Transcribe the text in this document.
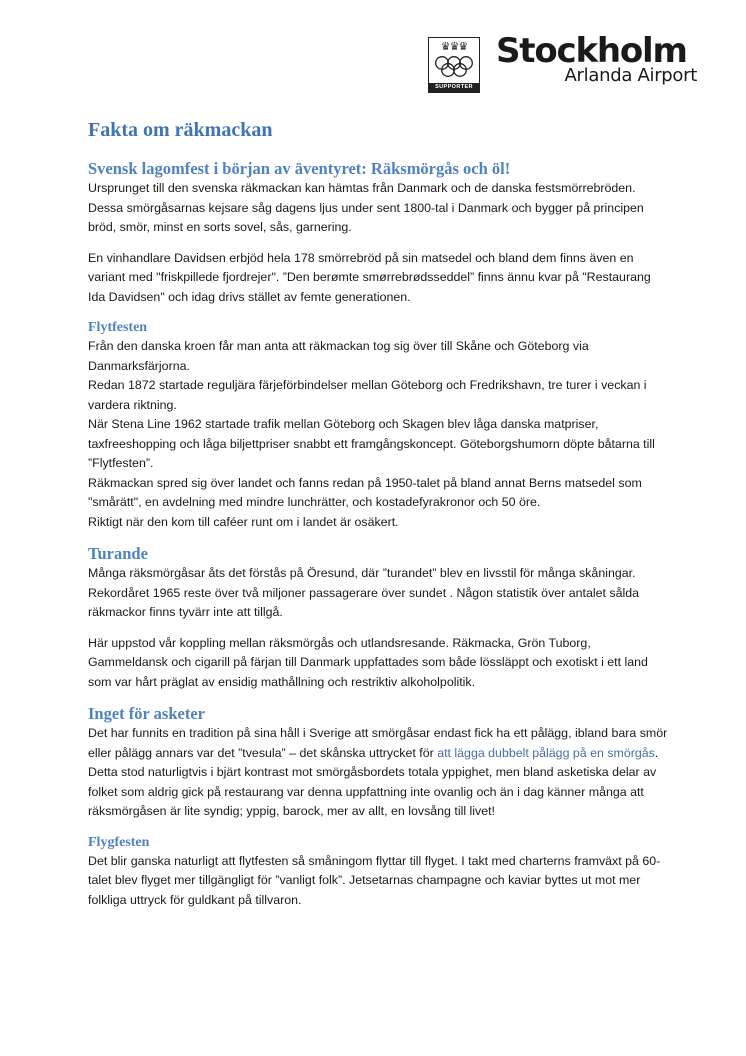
♛♛♛
SUPPORTER
Stockholm
Arlanda Airport
Fakta om räkmackan
Svensk lagomfest i början av äventyret: Räksmörgås och öl!

Ursprunget till den svenska räkmackan kan hämtas från Danmark och de danska festsmörrebröden. Dessa smörgåsarnas kejsare såg dagens ljus under sent 1800-tal i Danmark och bygger på principen bröd, smör, minst en sorts sovel, sås, garnering.

En vinhandlare Davidsen erbjöd hela 178 smörrebröd på sin matsedel och bland dem finns även en variant med "friskpillede fjordrejer". ”Den berømte smørrebrødsseddel” finns ännu kvar på "Restaurang Ida Davidsen" och idag drivs stället av femte generationen.

Flytfesten

Från den danska kroen får man anta att räkmackan tog sig över till Skåne och Göteborg via Danmarksfärjorna.

Redan 1872 startade reguljära färjeförbindelser mellan Göteborg och Fredrikshavn, tre turer i veckan i vardera riktning.

När Stena Line 1962 startade trafik mellan Göteborg och Skagen blev låga danska matpriser, taxfreeshopping och låga biljettpriser snabbt ett framgångskoncept. Göteborgshumorn döpte båtarna till ”Flytfesten”.

Räkmackan spred sig över landet och fanns redan på 1950-talet på bland annat Berns matsedel som "smårätt", en avdelning med mindre lunchrätter, och kostadefyrakronor och 50 öre.

Riktigt när den kom till caféer runt om i landet är osäkert.

Turande

Många räksmörgåsar åts det förstås på Öresund, där ”turandet” blev en livsstil för många skåningar. Rekordåret 1965 reste över två miljoner passagerare över sundet . Någon statistik över antalet sålda räkmackor finns tyvärr inte att tillgå.

Här uppstod vår koppling mellan räksmörgås och utlandsresande. Räkmacka, Grön Tuborg, Gammeldansk och cigarill på färjan till Danmark uppfattades som både lössläppt och exotiskt i ett land som var hårt präglat av ensidig mathållning och restriktiv alkoholpolitik.

Inget för asketer

Det har funnits en tradition på sina håll i Sverige att smörgåsar endast fick ha ett pålägg, ibland bara smör eller pålägg annars var det ”tvesula” – det skånska uttrycket för att lägga dubbelt pålägg på en smörgås. Detta stod naturligtvis i bjärt kontrast mot smörgåsbordets totala yppighet, men bland asketiska delar av folket som aldrig gick på restaurang var denna uppfattning inte ovanlig och än i dag känner många att räksmörgåsen är lite syndig; yppig, barock, mer av allt, en lovsång till livet!

Flygfesten

Det blir ganska naturligt att flytfesten så småningom flyttar till flyget. I takt med charterns framväxt på 60-talet blev flyget mer tillgängligt för ”vanligt folk”. Jetsetarnas champagne och kaviar byttes ut mot mer folkliga uttryck för guldkant på tillvaron.
